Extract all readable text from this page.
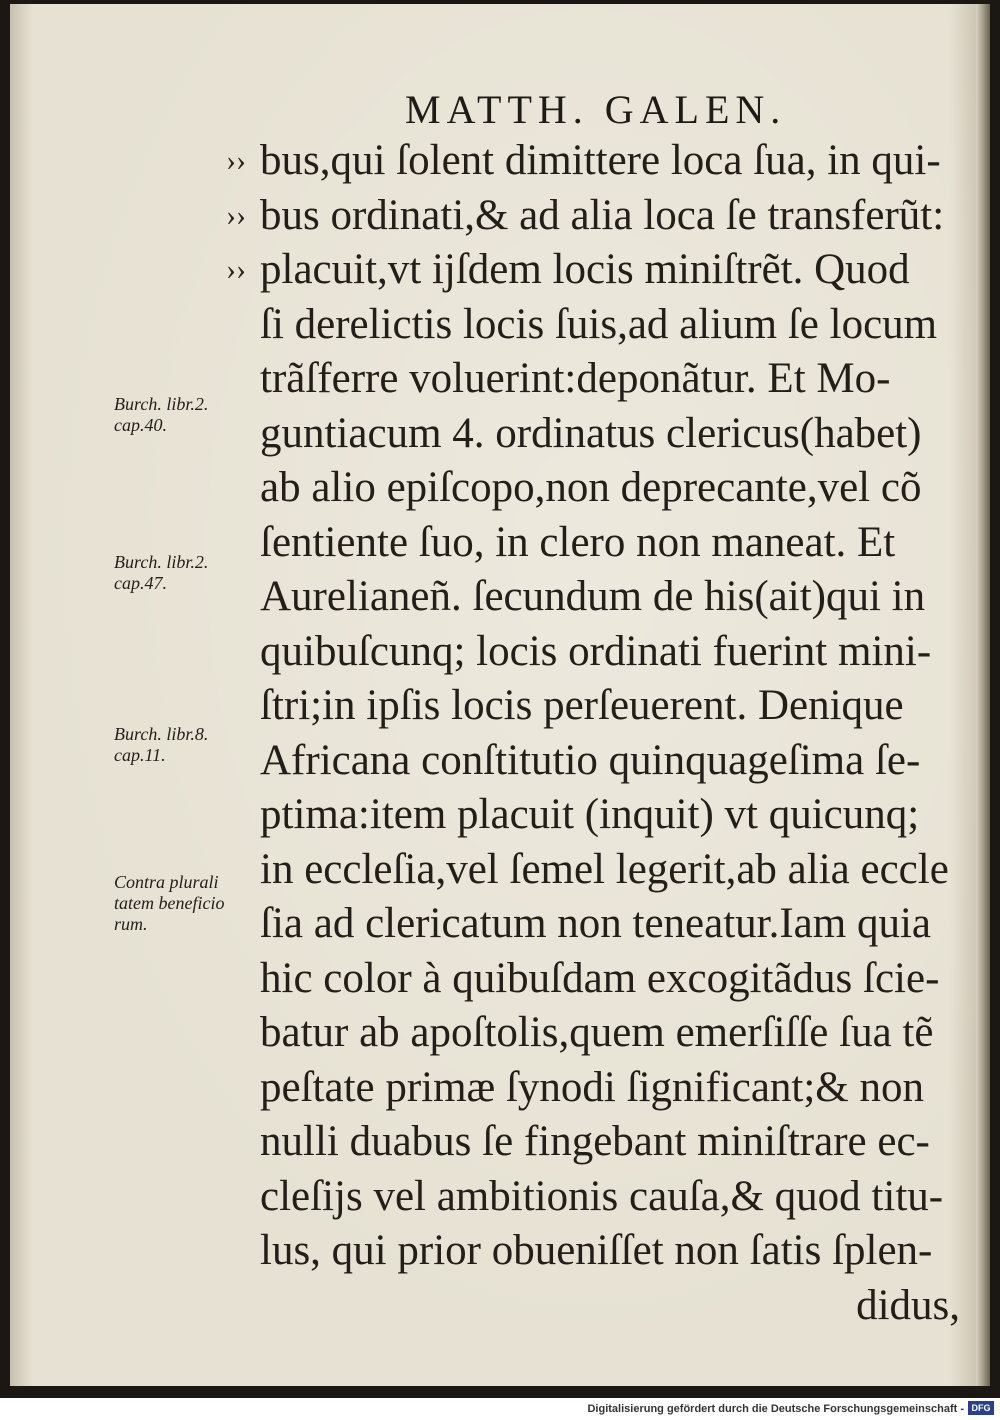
MATTH. GALEN.
›› bus,qui ſolent dimittere loca ſua, in qui-
›› bus ordinati,& ad alia loca ſe transferũt:
›› placuit,vt ijſdem locis miniſtrẽt. Quod
ſi derelictis locis ſuis,ad alium ſe locum
trãſferre voluerint:deponãtur. Et Mo-
guntiacum 4. ordinatus clericus(habet)
ab alio epiſcopo,non deprecante,vel cõ
ſentiente ſuo, in clero non maneat. Et
Aurelianeñ. ſecundum de his(ait)qui in
quibuſcunq; locis ordinati fuerint mini-
ſtri;in ipſis locis perſeuerent. Denique
Africana conſtitutio quinquageſima ſe-
ptima:item placuit (inquit) vt quicunq;
in eccleſia,vel ſemel legerit,ab alia eccle
ſia ad clericatum non teneatur.Iam quia
hic color à quibuſdam excogitãdus ſcie-
batur ab apoſtolis,quem emerſiſſe ſua tẽ
peſtate primæ ſynodi ſignificant;& non
nulli duabus ſe fingebant miniſtrare ec-
cleſijs vel ambitionis cauſa,& quod titu-
lus, qui prior obueniſſet non ſatis ſplen-
didus,
Burch. libr.2.
cap.40.
Burch. libr.2.
cap.47.
Burch. libr.8.
cap.11.
Contra plurali
tatem beneficio
rum.
Digitalisierung gefördert durch die Deutsche Forschungsgemeinschaft - DFG
